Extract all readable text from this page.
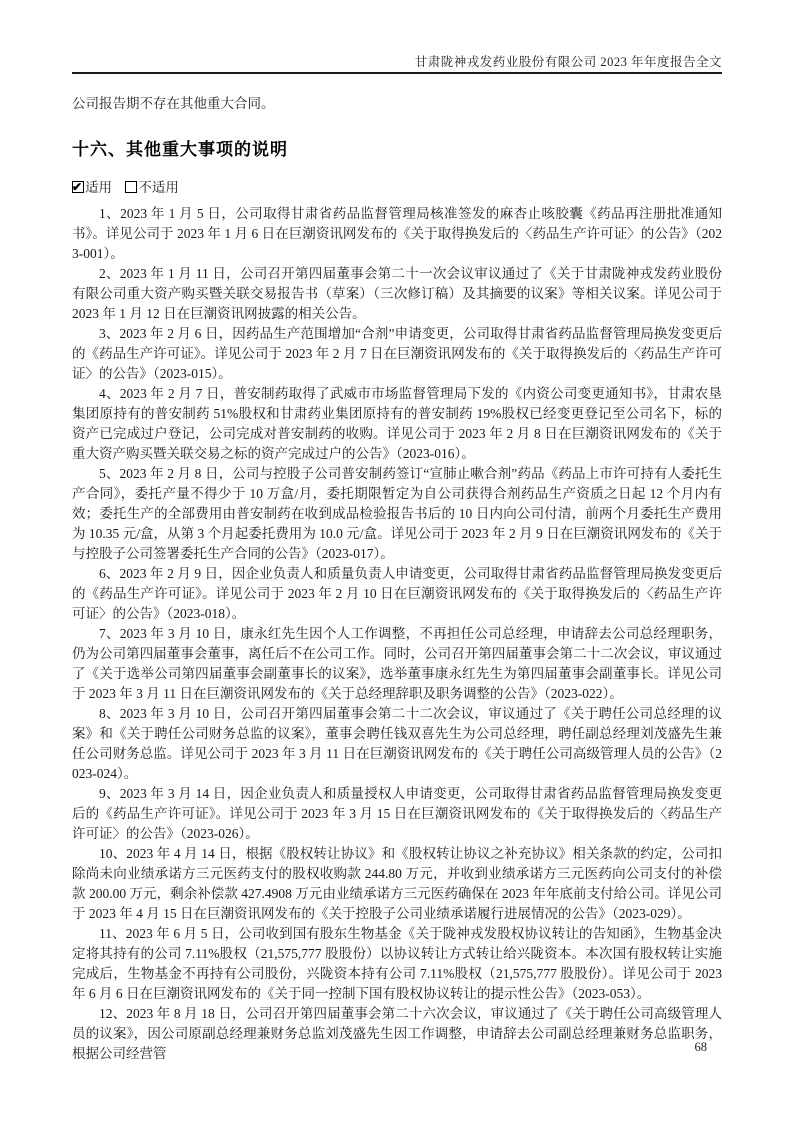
甘肃陇神戎发药业股份有限公司 2023 年年度报告全文

公司报告期不存在其他重大合同。

十六、其他重大事项的说明
✔适用 不适用

1、2023 年 1 月 5 日，公司取得甘肃省药品监督管理局核准签发的麻杏止咳胶囊《药品再注册批准通知书》。详见公司于 2023 年 1 月 6 日在巨潮资讯网发布的《关于取得换发后的〈药品生产许可证〉的公告》（2023-001）。

2、2023 年 1 月 11 日，公司召开第四届董事会第二十一次会议审议通过了《关于甘肃陇神戎发药业股份有限公司重大资产购买暨关联交易报告书（草案）（三次修订稿）及其摘要的议案》等相关议案。详见公司于 2023 年 1 月 12 日在巨潮资讯网披露的相关公告。

3、2023 年 2 月 6 日，因药品生产范围增加“合剂”申请变更，公司取得甘肃省药品监督管理局换发变更后的《药品生产许可证》。详见公司于 2023 年 2 月 7 日在巨潮资讯网发布的《关于取得换发后的〈药品生产许可证〉的公告》（2023-015）。

4、2023 年 2 月 7 日，普安制药取得了武威市市场监督管理局下发的《内资公司变更通知书》，甘肃农垦集团原持有的普安制药 51%股权和甘肃药业集团原持有的普安制药 19%股权已经变更登记至公司名下，标的资产已完成过户登记，公司完成对普安制药的收购。详见公司于 2023 年 2 月 8 日在巨潮资讯网发布的《关于重大资产购买暨关联交易之标的资产完成过户的公告》（2023-016）。

5、2023 年 2 月 8 日，公司与控股子公司普安制药签订“宣肺止嗽合剂”药品《药品上市许可持有人委托生产合同》，委托产量不得少于 10 万盒/月，委托期限暂定为自公司获得合剂药品生产资质之日起 12 个月内有效；委托生产的全部费用由普安制药在收到成品检验报告书后的 10 日内向公司付清，前两个月委托生产费用为 10.35 元/盒，从第 3 个月起委托费用为 10.0 元/盒。详见公司于 2023 年 2 月 9 日在巨潮资讯网发布的《关于与控股子公司签署委托生产合同的公告》（2023-017）。

6、2023 年 2 月 9 日，因企业负责人和质量负责人申请变更，公司取得甘肃省药品监督管理局换发变更后的《药品生产许可证》。详见公司于 2023 年 2 月 10 日在巨潮资讯网发布的《关于取得换发后的〈药品生产许可证〉的公告》（2023-018）。

7、2023 年 3 月 10 日，康永红先生因个人工作调整，不再担任公司总经理，申请辞去公司总经理职务，仍为公司第四届董事会董事，离任后不在公司工作。同时，公司召开第四届董事会第二十二次会议，审议通过了《关于选举公司第四届董事会副董事长的议案》，选举董事康永红先生为第四届董事会副董事长。详见公司于 2023 年 3 月 11 日在巨潮资讯网发布的《关于总经理辞职及职务调整的公告》（2023-022）。

8、2023 年 3 月 10 日，公司召开第四届董事会第二十二次会议，审议通过了《关于聘任公司总经理的议案》和《关于聘任公司财务总监的议案》，董事会聘任钱双喜先生为公司总经理，聘任副总经理刘茂盛先生兼任公司财务总监。详见公司于 2023 年 3 月 11 日在巨潮资讯网发布的《关于聘任公司高级管理人员的公告》（2023-024）。

9、2023 年 3 月 14 日，因企业负责人和质量授权人申请变更，公司取得甘肃省药品监督管理局换发变更后的《药品生产许可证》。详见公司于 2023 年 3 月 15 日在巨潮资讯网发布的《关于取得换发后的〈药品生产许可证〉的公告》（2023-026）。

10、2023 年 4 月 14 日，根据《股权转让协议》和《股权转让协议之补充协议》相关条款的约定，公司扣除尚未向业绩承诺方三元医药支付的股权收购款 244.80 万元，并收到业绩承诺方三元医药向公司支付的补偿款 200.00 万元，剩余补偿款 427.4908 万元由业绩承诺方三元医药确保在 2023 年年底前支付给公司。详见公司于 2023 年 4 月 15 日在巨潮资讯网发布的《关于控股子公司业绩承诺履行进展情况的公告》（2023-029）。

11、2023 年 6 月 5 日，公司收到国有股东生物基金《关于陇神戎发股权协议转让的告知函》，生物基金决定将其持有的公司 7.11%股权（21,575,777 股股份）以协议转让方式转让给兴陇资本。本次国有股权转让实施完成后，生物基金不再持有公司股份，兴陇资本持有公司 7.11%股权（21,575,777 股股份）。详见公司于 2023 年 6 月 6 日在巨潮资讯网发布的《关于同一控制下国有股权协议转让的提示性公告》（2023-053）。

12、2023 年 8 月 18 日，公司召开第四届董事会第二十六次会议，审议通过了《关于聘任公司高级管理人员的议案》，因公司原副总经理兼财务总监刘茂盛先生因工作调整，申请辞去公司副总经理兼财务总监职务，根据公司经营管	68
